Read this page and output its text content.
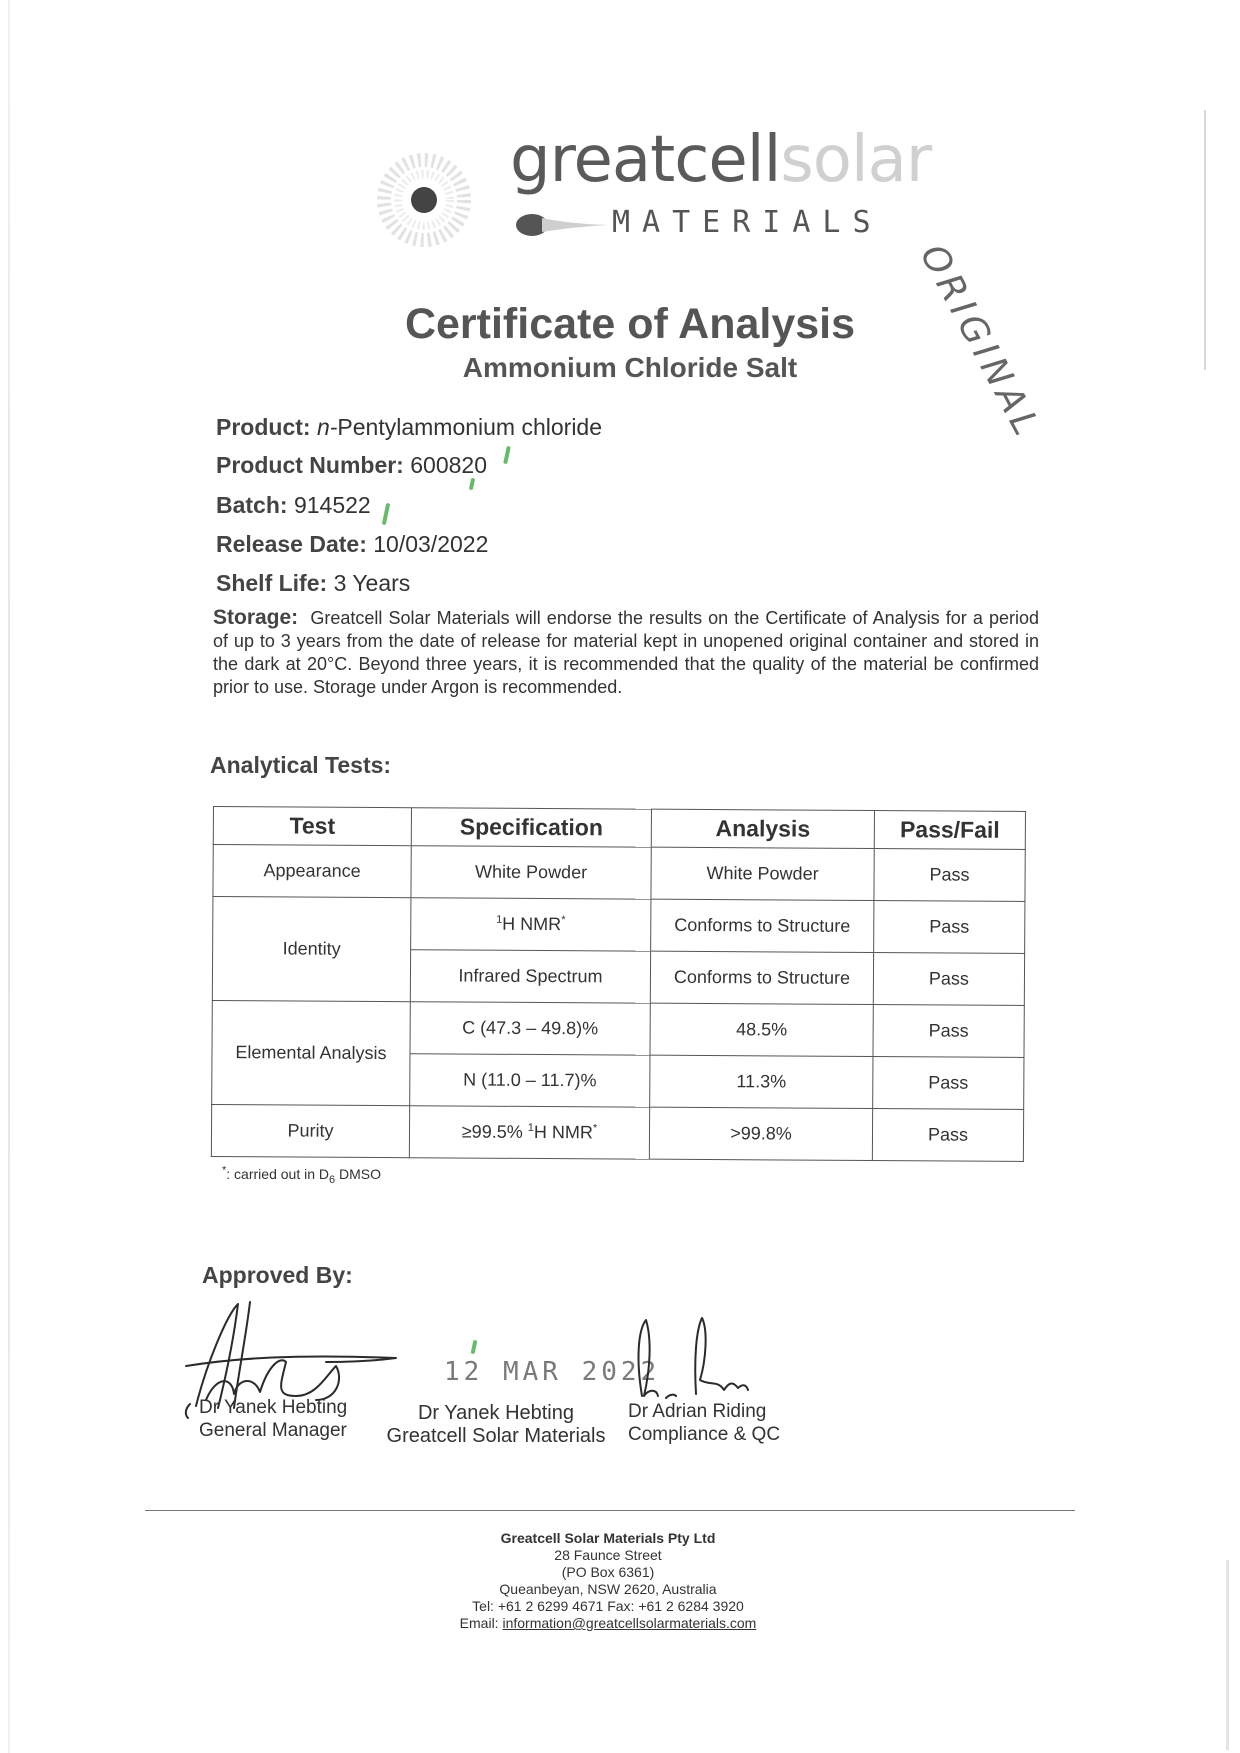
greatcellsolar
MATERIALS
ORIGINAL
Certificate of Analysis
Ammonium Chloride Salt
Product: n-Pentylammonium chloride
Product Number: 600820
Batch: 914522
Release Date: 10/03/2022
Shelf Life: 3 Years
Storage: Greatcell Solar Materials will endorse the results on the Certificate of Analysis for a period of up to 3 years from the date of release for material kept in unopened original container and stored in the dark at 20°C. Beyond three years, it is recommended that the quality of the material be confirmed prior to use. Storage under Argon is recommended.
Analytical Tests:
Test	Specification	Analysis	Pass/Fail
Appearance	White Powder	White Powder	Pass
Identity	$^1$H NMR*	Conforms to Structure	Pass
	Infrared Spectrum	Conforms to Structure	Pass
Elemental Analysis	C (47.3 – 49.8)%	48.5%	Pass
	N (11.0 – 11.7)%	11.3%	Pass
Purity	≥99.5% $^1$H NMR*	>99.8%	Pass
*: carried out in $D_6$ DMSO
Approved By:
Dr Yanek Hebting
General Manager
12 MAR 2022
Dr Yanek Hebting
Greatcell Solar Materials
Dr Adrian Riding
Compliance & QC
Greatcell Solar Materials Pty Ltd
28 Faunce Street
(PO Box 6361)
Queanbeyan, NSW 2620, Australia
Tel: +61 2 6299 4671 Fax: +61 2 6284 3920
Email: information@greatcellsolarmaterials.com
